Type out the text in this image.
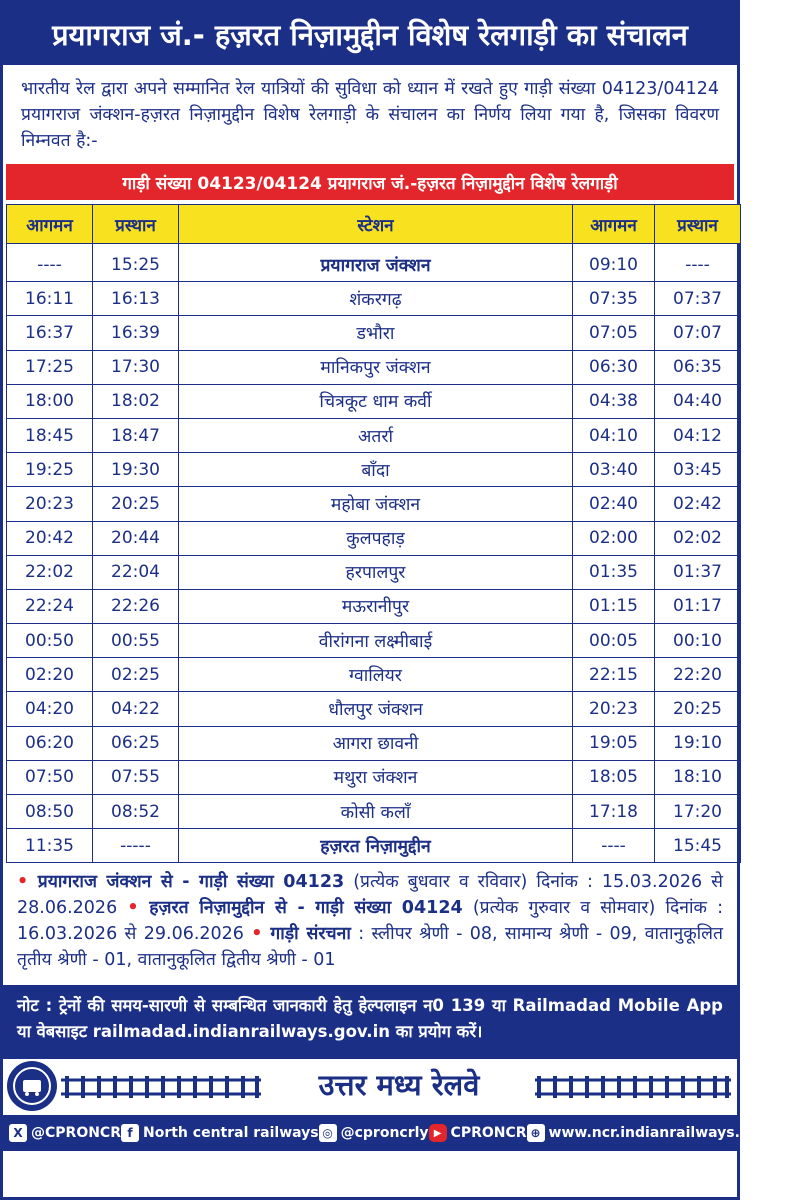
प्रयागराज जं.- हज़रत निज़ामुद्दीन विशेष रेलगाड़ी का संचालन
भारतीय रेल द्वारा अपने सम्मानित रेल यात्रियों की सुविधा को ध्यान में रखते हुए गाड़ी संख्या 04123/04124 प्रयागराज जंक्शन-हज़रत निज़ामुद्दीन विशेष रेलगाड़ी के संचालन का निर्णय लिया गया है, जिसका विवरण निम्नवत है:-
गाड़ी संख्या 04123/04124 प्रयागराज जं.-हज़रत निज़ामुद्दीन विशेष रेलगाड़ी
आगमन	प्रस्थान	स्टेशन	आगमन	प्रस्थान
----	15:25	प्रयागराज जंक्शन	09:10	----
16:11	16:13	शंकरगढ़	07:35	07:37
16:37	16:39	डभौरा	07:05	07:07
17:25	17:30	मानिकपुर जंक्शन	06:30	06:35
18:00	18:02	चित्रकूट धाम कर्वी	04:38	04:40
18:45	18:47	अतर्रा	04:10	04:12
19:25	19:30	बाँदा	03:40	03:45
20:23	20:25	महोबा जंक्शन	02:40	02:42
20:42	20:44	कुलपहाड़	02:00	02:02
22:02	22:04	हरपालपुर	01:35	01:37
22:24	22:26	मऊरानीपुर	01:15	01:17
00:50	00:55	वीरांगना लक्ष्मीबाई	00:05	00:10
02:20	02:25	ग्वालियर	22:15	22:20
04:20	04:22	धौलपुर जंक्शन	20:23	20:25
06:20	06:25	आगरा छावनी	19:05	19:10
07:50	07:55	मथुरा जंक्शन	18:05	18:10
08:50	08:52	कोसी कलाँ	17:18	17:20
11:35	-----	हज़रत निज़ामुद्दीन	----	15:45
• प्रयागराज जंक्शन से - गाड़ी संख्या 04123 (प्रत्येक बुधवार व रविवार) दिनांक : 15.03.2026 से 28.06.2026 • हज़रत निज़ामुद्दीन से - गाड़ी संख्या 04124 (प्रत्येक गुरुवार व सोमवार) दिनांक : 16.03.2026 से 29.06.2026 • गाड़ी संरचना : स्लीपर श्रेणी - 08, सामान्य श्रेणी - 09, वातानुकूलित तृतीय श्रेणी - 01, वातानुकूलित द्वितीय श्रेणी - 01
नोट : ट्रेनों की समय-सारणी से सम्बन्धित जानकारी हेतु हेल्पलाइन न0 139 या Railmadad Mobile App या वेबसाइट railmadad.indianrailways.gov.in का प्रयोग करें।
उत्तर मध्य रेलवे
X @CPRONCR f North central railways ◎ @cproncrly ▶ CPRONCR ⊕ www.ncr.indianrailways.gov.in
